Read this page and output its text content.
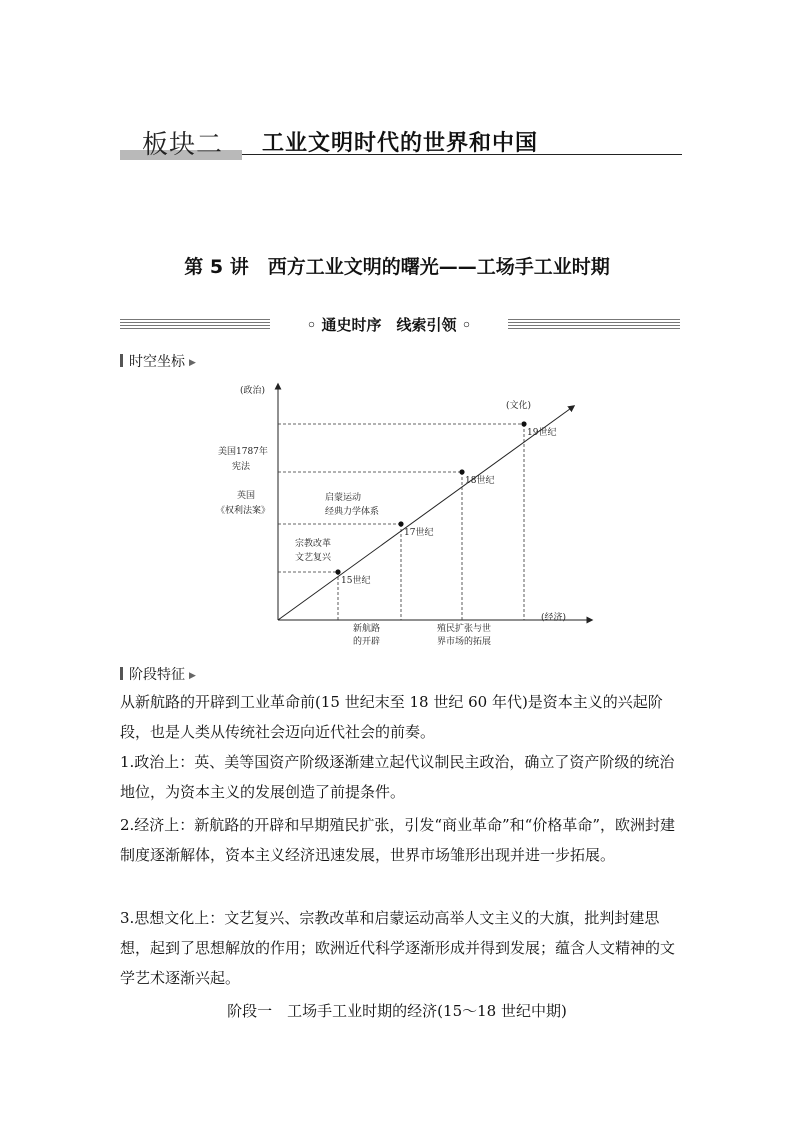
板块二 工业文明时代的世界和中国
第 5 讲　西方工业文明的曙光——工场手工业时期
◦ 通史时序　线索引领 ◦
时空坐标 ▶
15世纪
17世纪
18世纪
19世纪
(政治)
(经济)
(文化)
美国1787年
宪法
英国
《权利法案》
启蒙运动
经典力学体系
宗教改革
文艺复兴
新航路
的开辟
殖民扩张与世
界市场的拓展
阶段特征 ▶

从新航路的开辟到工业革命前(15 世纪末至 18 世纪 60 年代)是资本主义的兴起阶段，也是人类从传统社会迈向近代社会的前奏。

1.政治上：英、美等国资产阶级逐渐建立起代议制民主政治，确立了资产阶级的统治地位，为资本主义的发展创造了前提条件。

2.经济上：新航路的开辟和早期殖民扩张，引发“商业革命”和“价格革命”，欧洲封建制度逐渐解体，资本主义经济迅速发展，世界市场雏形出现并进一步拓展。

3.思想文化上：文艺复兴、宗教改革和启蒙运动高举人文主义的大旗，批判封建思想，起到了思想解放的作用；欧洲近代科学逐渐形成并得到发展；蕴含人文精神的文学艺术逐渐兴起。

阶段一　工场手工业时期的经济(15～18 世纪中期)
